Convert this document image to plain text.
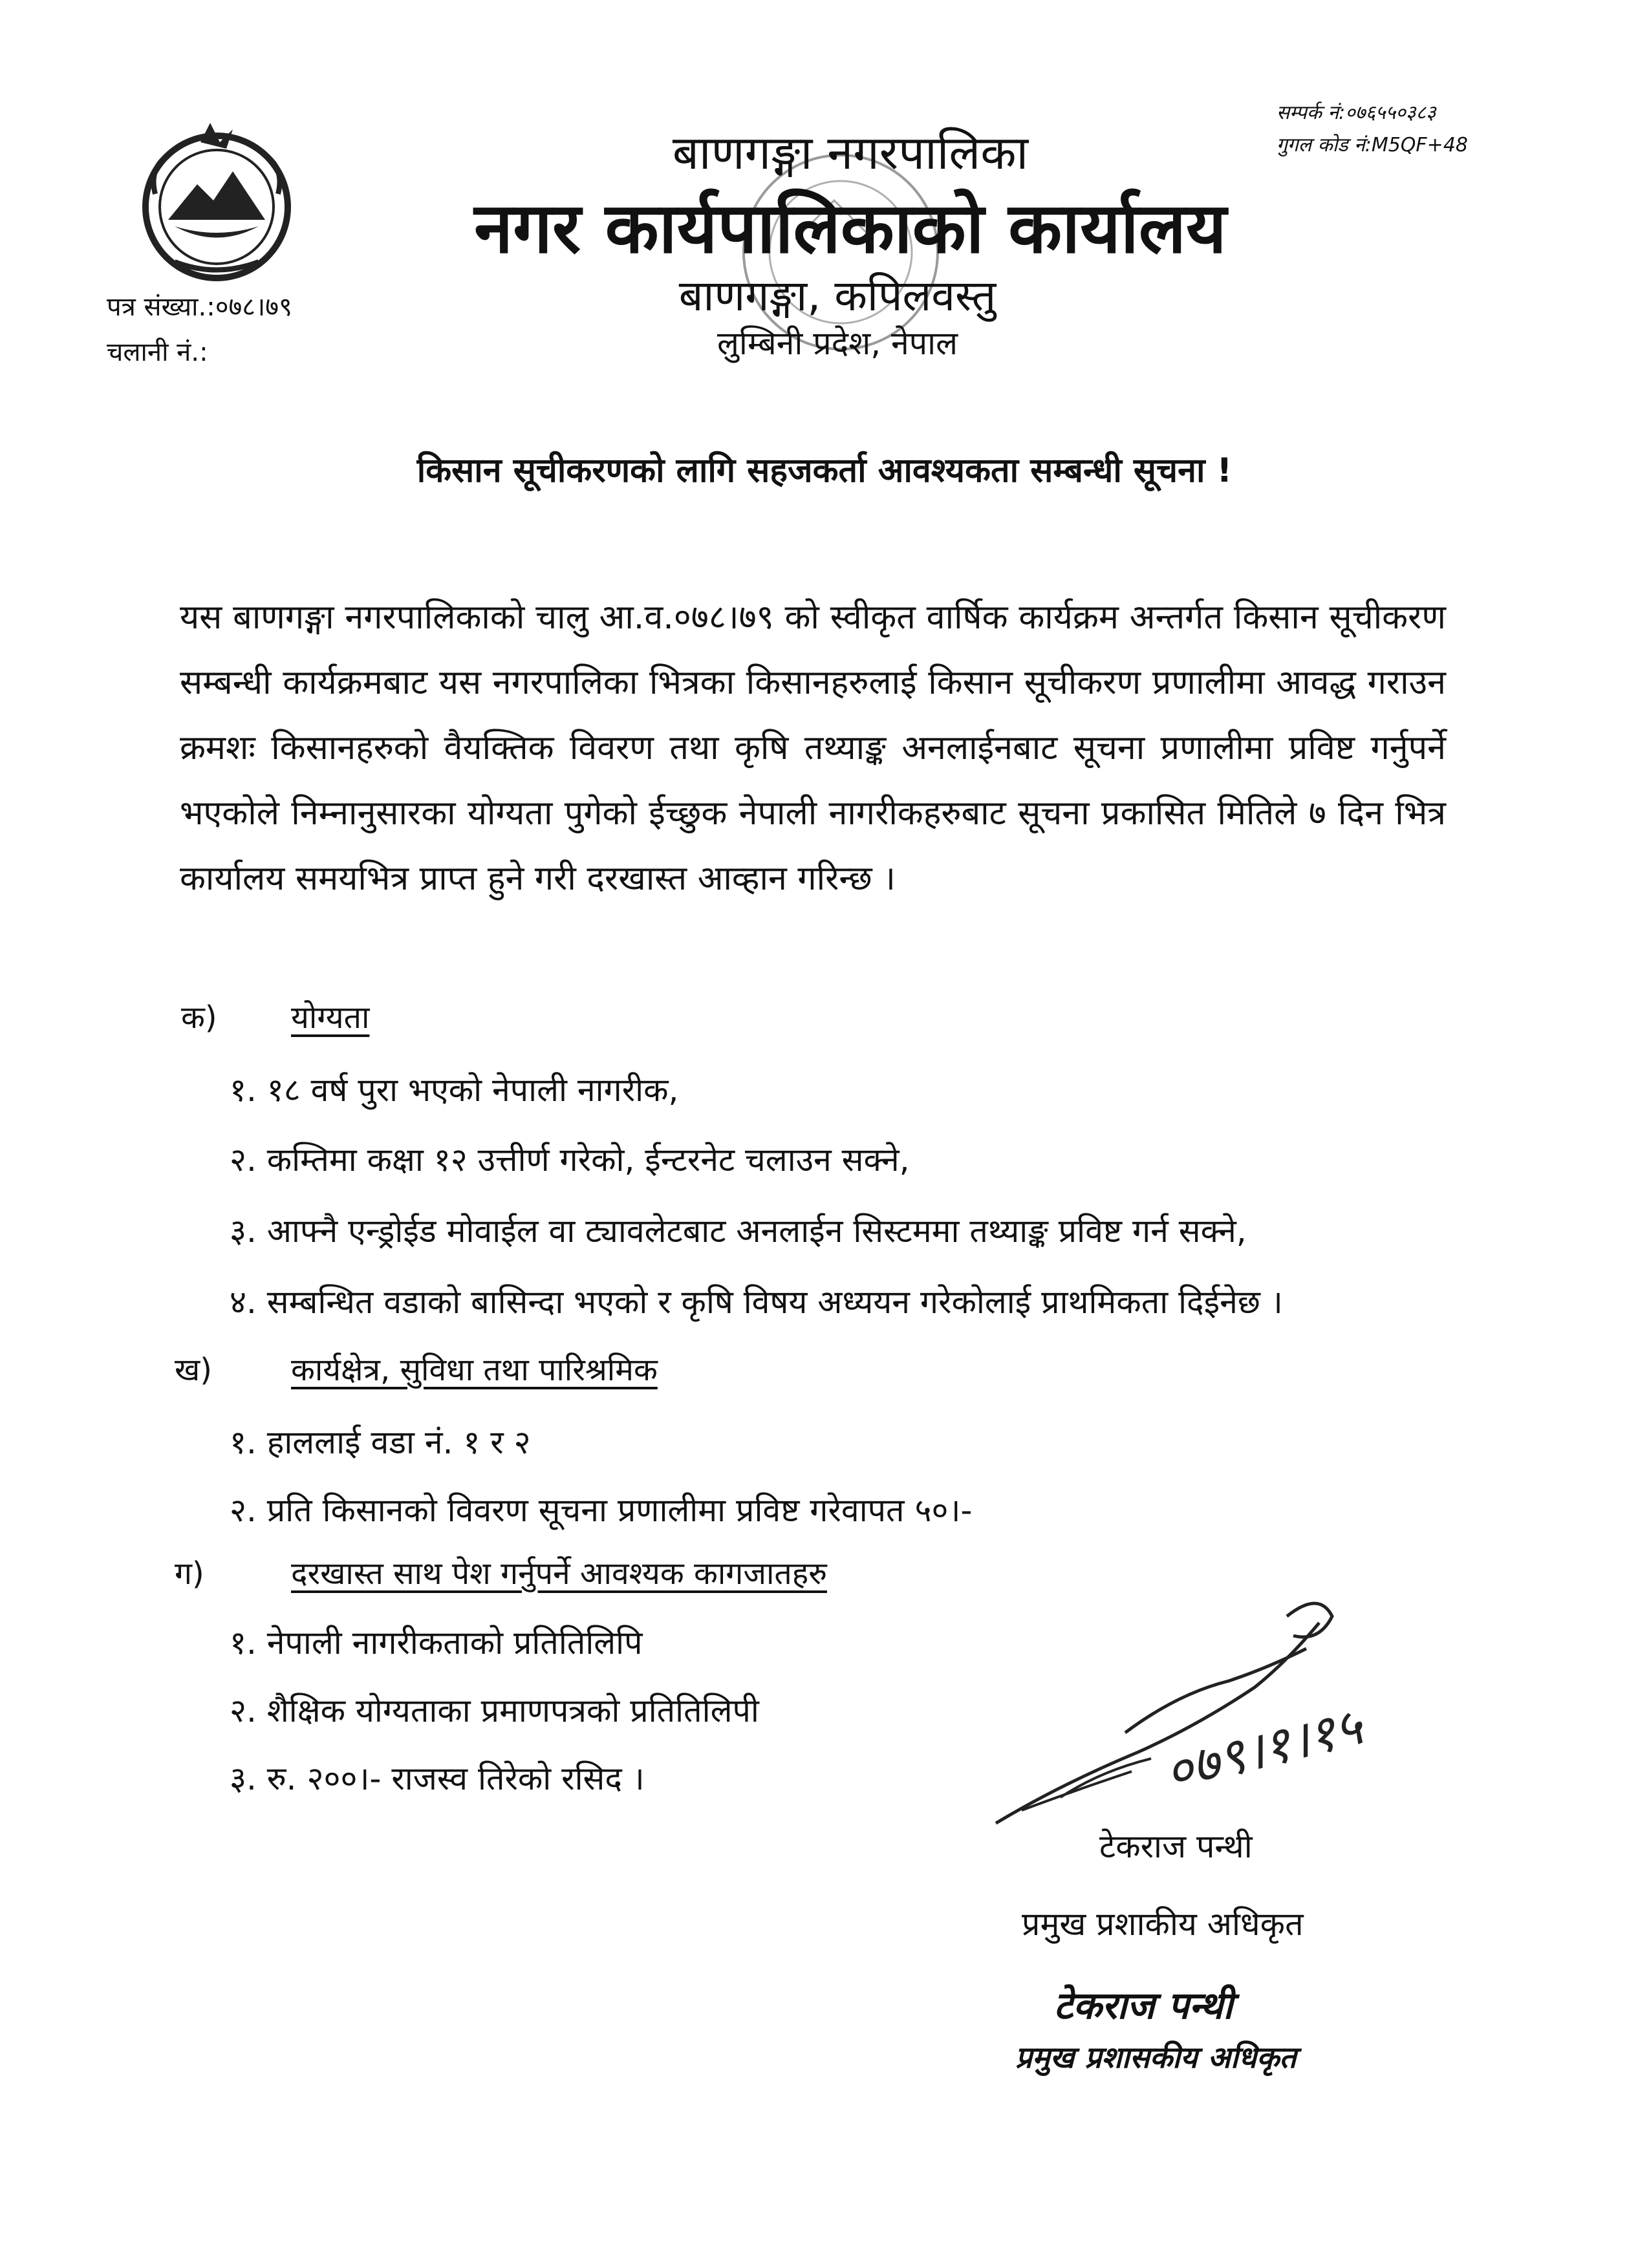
सम्पर्क नं:०७६५५०३८३
गुगल कोड नं:M5QF+48
बाणगङ्गा नगरपालिका
नगर कार्यपालिकाको कार्यालय
बाणगङ्गा, कपिलवस्तु
लुम्बिनी प्रदेश, नेपाल
पत्र संख्या.:०७८।७९
चलानी नं.:
किसान सूचीकरणको लागि सहजकर्ता आवश्यकता सम्बन्धी सूचना !
यस बाणगङ्गा नगरपालिकाको चालु आ.व.०७८।७९ को स्वीकृत वार्षिक कार्यक्रम अन्तर्गत किसान सूचीकरण सम्बन्धी कार्यक्रमबाट यस नगरपालिका भित्रका किसानहरुलाई किसान सूचीकरण प्रणालीमा आवद्ध गराउन क्रमशः किसानहरुको वैयक्तिक विवरण तथा कृषि तथ्याङ्क अनलाईनबाट सूचना प्रणालीमा प्रविष्ट गर्नुपर्ने भएकोले निम्नानुसारका योग्यता पुगेको ईच्छुक नेपाली नागरीकहरुबाट सूचना प्रकासित मितिले ७ दिन भित्र कार्यालय समयभित्र प्राप्त हुने गरी दरखास्त आव्हान गरिन्छ ।
क) योग्यता
१. १८ वर्ष पुरा भएको नेपाली नागरीक,
२. कम्तिमा कक्षा १२ उत्तीर्ण गरेको, ईन्टरनेट चलाउन सक्ने,
३. आफ्नै एन्ड्रोईड मोवाईल वा ट्यावलेटबाट अनलाईन सिस्टममा तथ्याङ्क प्रविष्ट गर्न सक्ने,
४. सम्बन्धित वडाको बासिन्दा भएको र कृषि विषय अध्ययन गरेकोलाई प्राथमिकता दिईनेछ ।
ख)	कार्यक्षेत्र, सुविधा तथा पारिश्रमिक
१. हाललाई वडा नं. १ र २
२. प्रति किसानको विवरण सूचना प्रणालीमा प्रविष्ट गरेवापत ५०।-
ग)	दरखास्त साथ पेश गर्नुपर्ने आवश्यक कागजातहरु
१. नेपाली नागरीकताको प्रतितिलिपि
२. शैक्षिक योग्यताका प्रमाणपत्रको प्रतितिलिपी
३. रु. २००।- राजस्व तिरेको रसिद ।	०७९।१।१५
टेकराज पन्थी
प्रमुख प्रशाकीय अधिकृत
टेकराज पन्थी
प्रमुख प्रशासकीय अधिकृत
